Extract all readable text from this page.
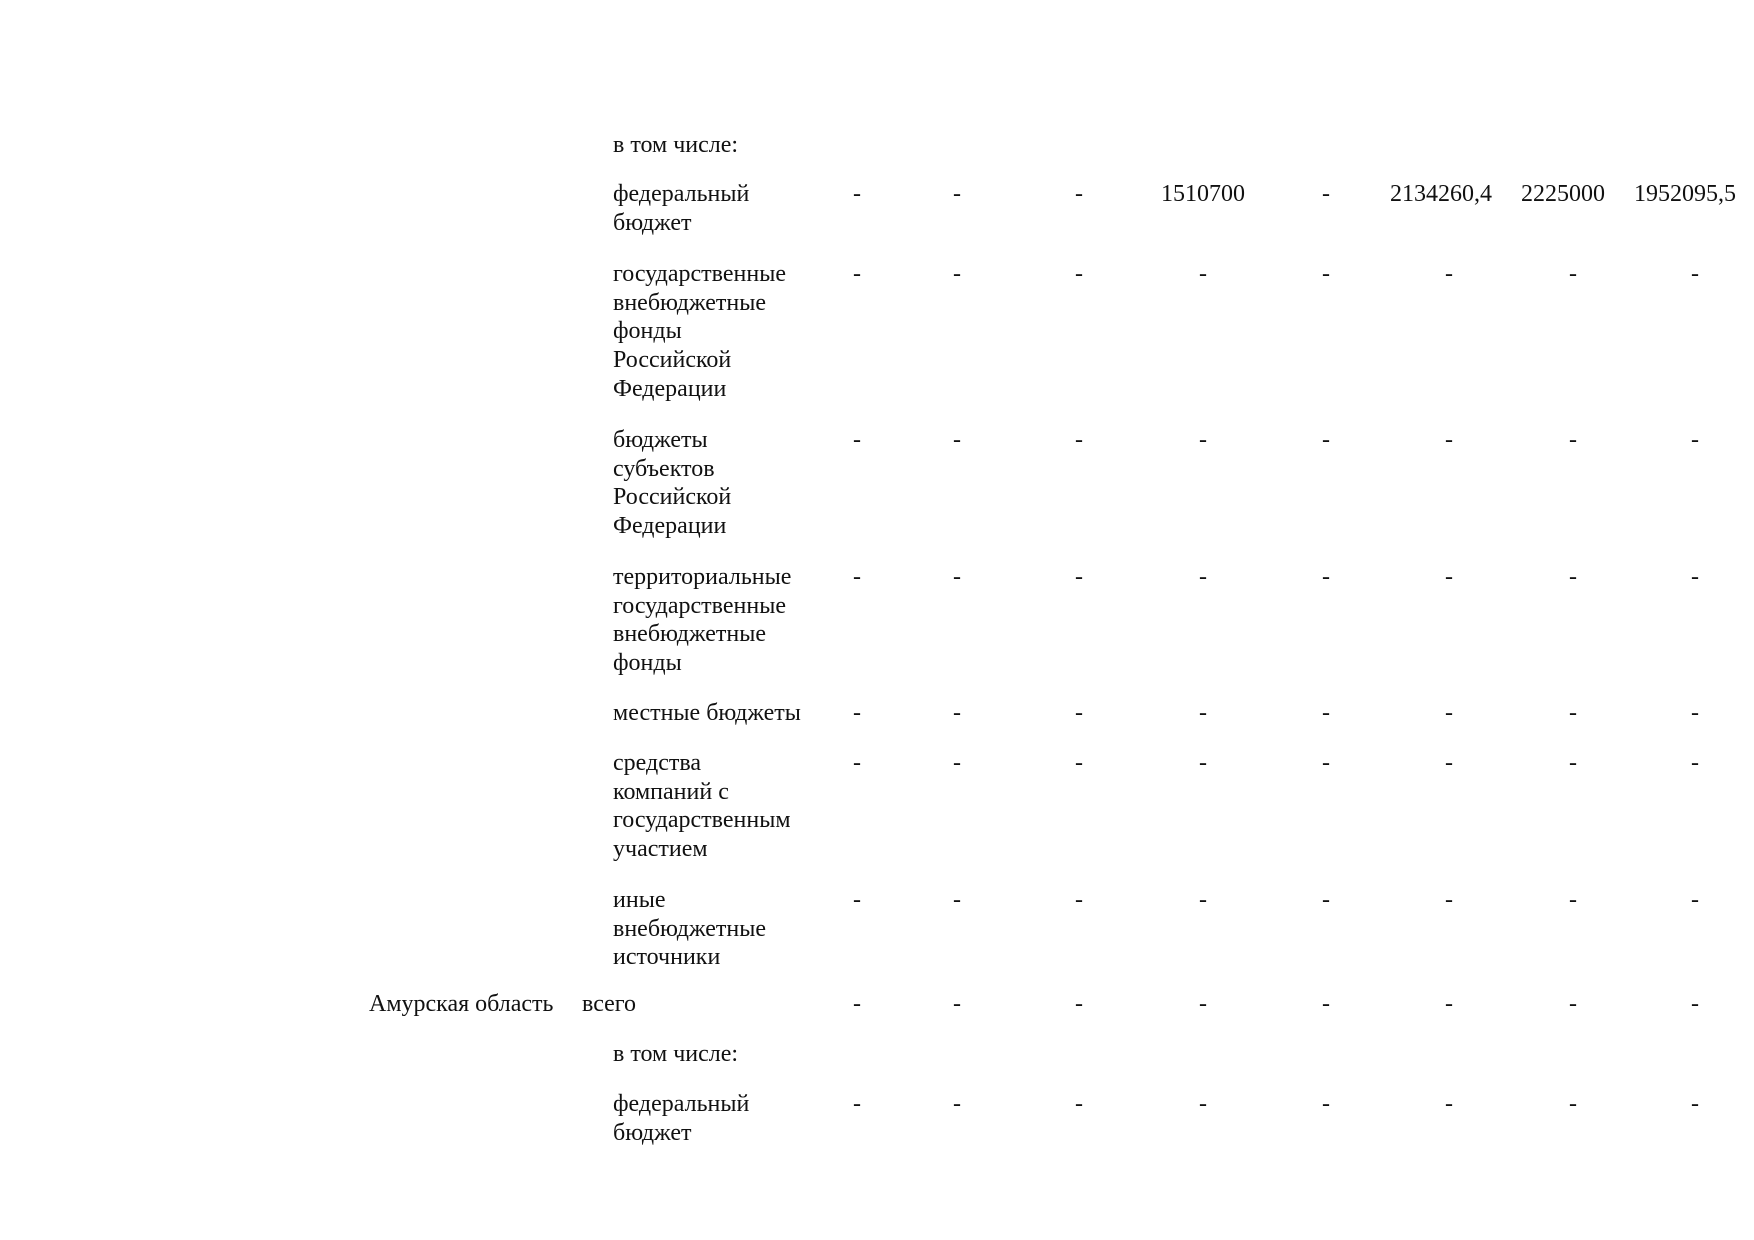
в том числе:
федеральный
бюджет
-	-	-	1510700	-	2134260,4 2225000 1952095,5
государственные
внебюджетные
фонды
Российской
Федерации
-	-	-	-	-	-	-	-
бюджеты
субъектов
Российской
Федерации
-	-	-	-	-	-	-	-
территориальные
государственные
внебюджетные
фонды
-	-	-	-	-	-	-	-
местные бюджеты -	-	-	-	-	-	-	-
средства
компаний с
государственным
участием
-	-	-	-	-	-	-	-
иные
внебюджетные
источники
-	-	-	-	-	-	-	-
Амурская область всего	-	-	-	-	-	-	-	-
в том числе:
федеральный
бюджет
-	-	-	-	-	-	-	-
